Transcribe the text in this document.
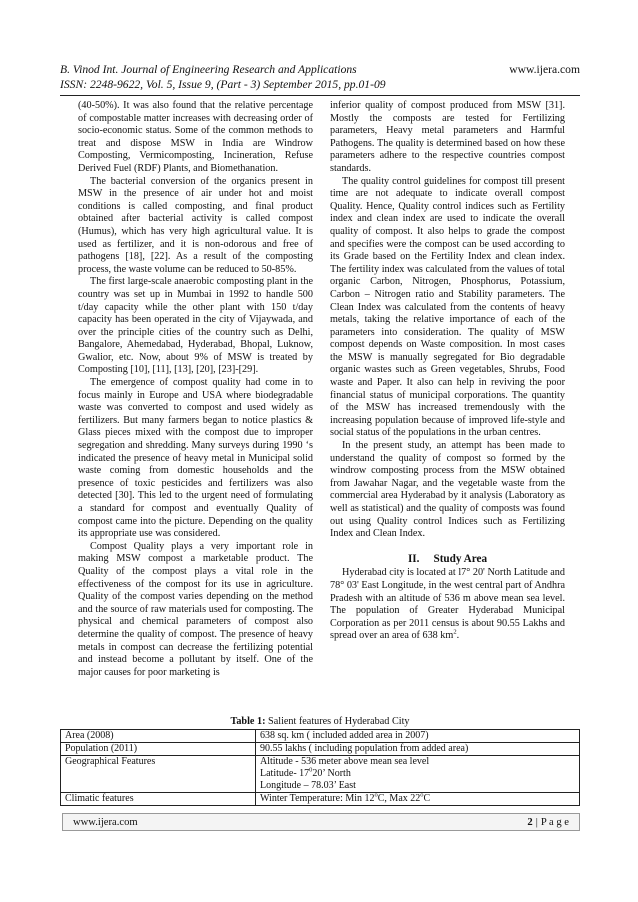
B. Vinod Int. Journal of Engineering Research and Applications	www.ijera.com
ISSN: 2248-9622, Vol. 5, Issue 9, (Part - 3) September 2015, pp.01-09

(40-50%). It was also found that the relative percentage of compostable matter increases with decreasing order of socio-economic status. Some of the common methods to treat and dispose MSW in India are Windrow Composting, Vermicomposting, Incineration, Refuse Derived Fuel (RDF) Plants, and Biomethanation.

The bacterial conversion of the organics present in MSW in the presence of air under hot and moist conditions is called composting, and final product obtained after bacterial activity is called compost (Humus), which has very high agricultural value. It is used as fertilizer, and it is non-odorous and free of pathogens [18], [22]. As a result of the composting process, the waste volume can be reduced to 50-85%.

The first large-scale anaerobic composting plant in the country was set up in Mumbai in 1992 to handle 500 t/day capacity while the other plant with 150 t/day capacity has been operated in the city of Vijaywada, and over the principle cities of the country such as Delhi, Bangalore, Ahemedabad, Hyderabad, Bhopal, Luknow, Gwalior, etc. Now, about 9% of MSW is treated by Composting [10], [11], [13], [20], [23]-[29].

The emergence of compost quality had come in to focus mainly in Europe and USA where biodegradable waste was converted to compost and used widely as fertilizers. But many farmers began to notice plastics & Glass pieces mixed with the compost due to improper segregation and shredding. Many surveys during 1990 ‘s indicated the presence of heavy metal in Municipal solid waste coming from domestic households and the presence of toxic pesticides and fertilizers was also detected [30]. This led to the urgent need of formulating a standard for compost and eventually Quality of compost came into the picture. Depending on the quality its appropriate use was considered.

Compost Quality plays a very important role in making MSW compost a marketable product. The Quality of the compost plays a vital role in the effectiveness of the compost for its use in agriculture. Quality of the compost varies depending on the method and the source of raw materials used for composting. The physical and chemical parameters of compost also determine the quality of compost. The presence of heavy metals in compost can decrease the fertilizing potential and instead become a pollutant by itself. One of the major causes for poor marketing is

inferior quality of compost produced from MSW [31]. Mostly the composts are tested for Fertilizing parameters, Heavy metal parameters and Harmful Pathogens. The quality is determined based on how these parameters adhere to the respective countries compost standards.

The quality control guidelines for compost till present time are not adequate to indicate overall compost Quality. Hence, Quality control indices such as Fertility index and clean index are used to indicate the overall quality of compost. It also helps to grade the compost and specifies were the compost can be used according to its Grade based on the Fertility Index and clean index. The fertility index was calculated from the values of total organic Carbon, Nitrogen, Phosphorus, Potassium, Carbon – Nitrogen ratio and Stability parameters. The Clean Index was calculated from the contents of heavy metals, taking the relative importance of each of the parameters into consideration. The quality of MSW compost depends on Waste composition. In most cases the MSW is manually segregated for Bio degradable organic wastes such as Green vegetables, Shrubs, Food waste and Paper. It also can help in reviving the poor financial status of municipal corporations. The quantity of the MSW has increased tremendously with the increasing population because of improved life-style and social status of the populations in the urban centres.

In the present study, an attempt has been made to understand the quality of compost so formed by the windrow composting process from the MSW obtained from Jawahar Nagar, and the vegetable waste from the commercial area Hyderabad by it analysis (Laboratory as well as statistical) and the quality of composts was found out using Quality control Indices such as Fertilizing Index and Clean Index.

II. Study Area

Hyderabad city is located at l7° 20' North Latitude and 78° 03' East Longitude, in the west central part of Andhra Pradesh with an altitude of 536 m above mean sea level. The population of Greater Hyderabad Municipal Corporation as per 2011 census is about 90.55 Lakhs and spread over an area of 638 $km^2$.

Table 1: Salient features of Hyderabad City
Area (2008)	638 sq. km ( included added area in 2007)
Population (2011)	90.55 lakhs ( including population from added area)
Geographical Features	Altitude - 536 meter above mean sea level
Latitude- $17^020$’ North
Longitude – 78.03’ East

Climatic features	Winter Temperature: Min 12$^o$C, Max 22$^o$C
www.ijera.com	2 | P a g e
